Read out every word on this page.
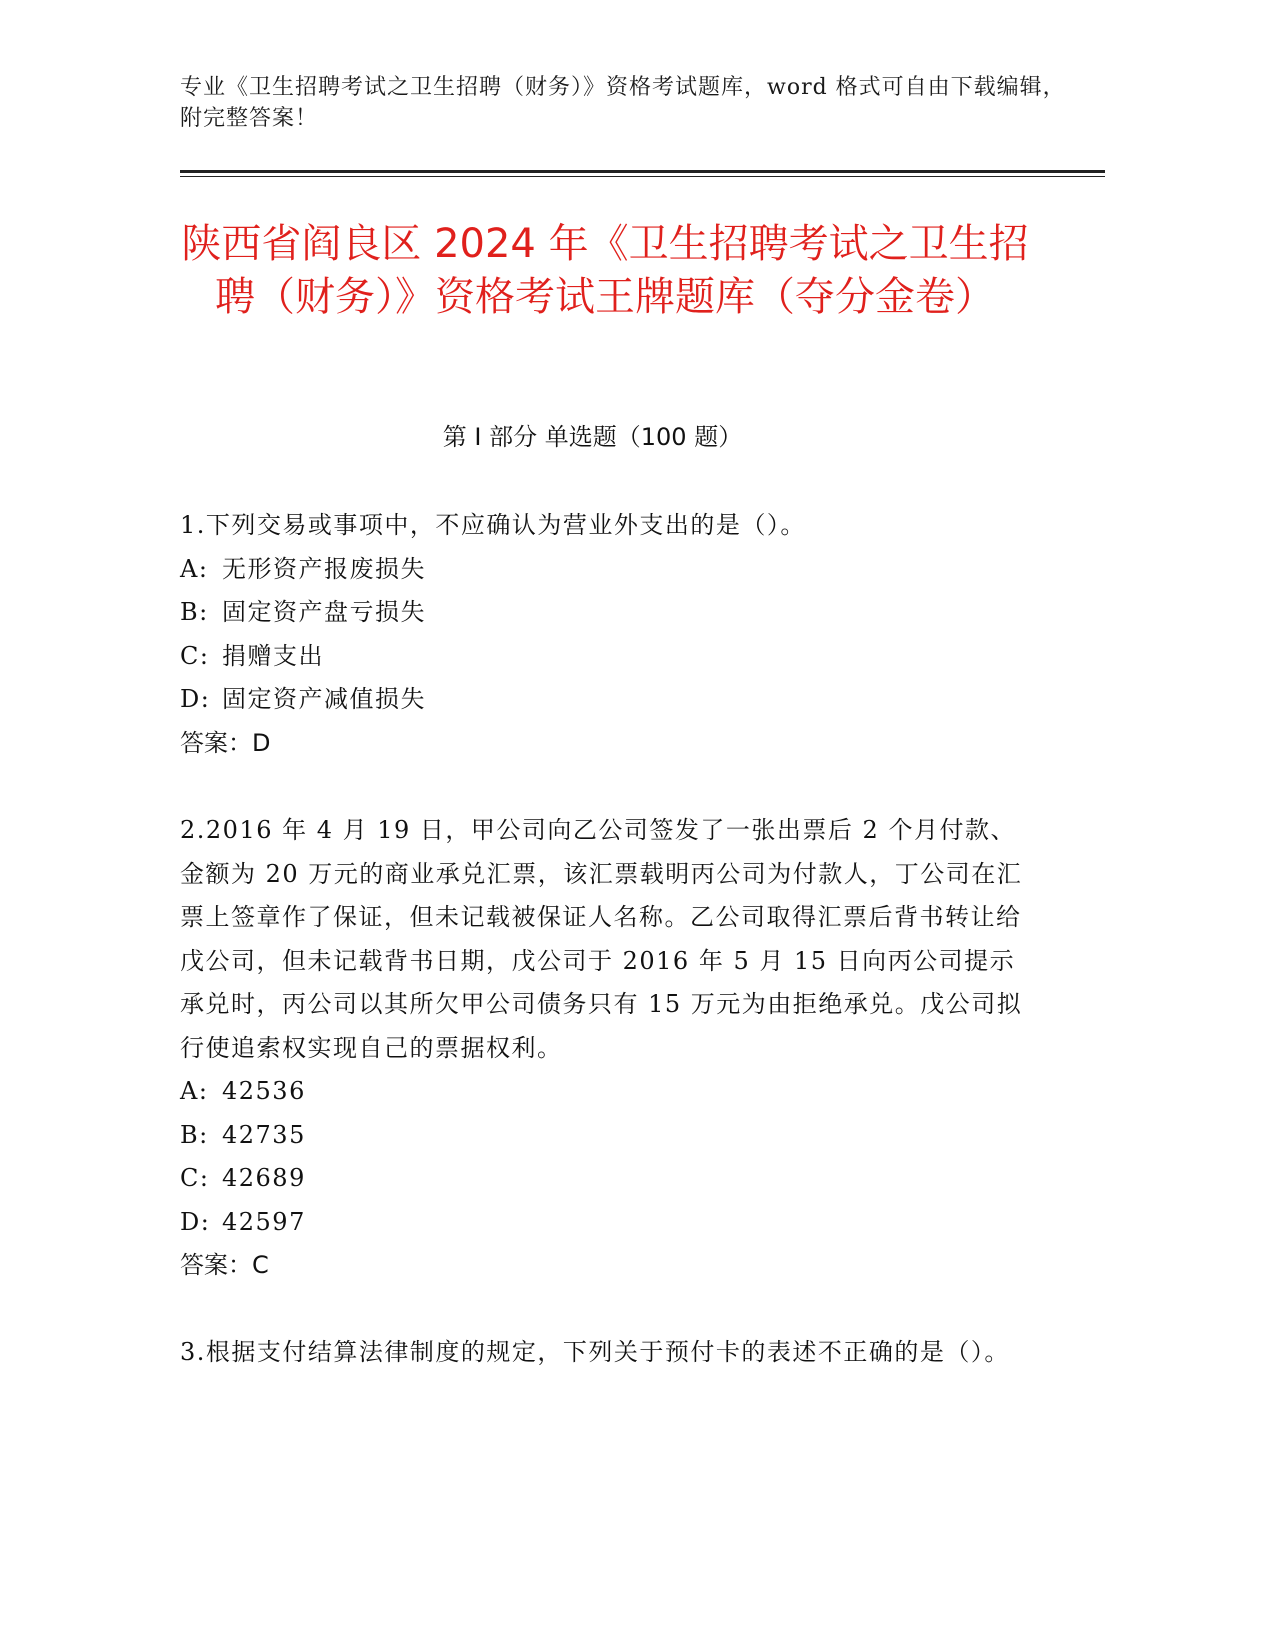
专业《卫生招聘考试之卫生招聘（财务）》资格考试题库，word 格式可自由下载编辑，附完整答案！
陕西省阎良区 2024 年《卫生招聘考试之卫生招聘（财务）》资格考试王牌题库（夺分金卷）
第 I 部分 单选题（100 题）

1.下列交易或事项中，不应确认为营业外支出的是（）。

A: 无形资产报废损失

B: 固定资产盘亏损失

C: 捐赠支出

D: 固定资产减值损失

答案：D

2.2016 年 4 月 19 日，甲公司向乙公司签发了一张出票后 2 个月付款、金额为 20 万元的商业承兑汇票，该汇票载明丙公司为付款人，丁公司在汇票上签章作了保证，但未记载被保证人名称。乙公司取得汇票后背书转让给戊公司，但未记载背书日期，戊公司于 2016 年 5 月 15 日向丙公司提示承兑时，丙公司以其所欠甲公司债务只有 15 万元为由拒绝承兑。戊公司拟行使追索权实现自己的票据权利。

A: 42536

B: 42735

C: 42689

D: 42597

答案：C

3.根据支付结算法律制度的规定，下列关于预付卡的表述不正确的是（）。
